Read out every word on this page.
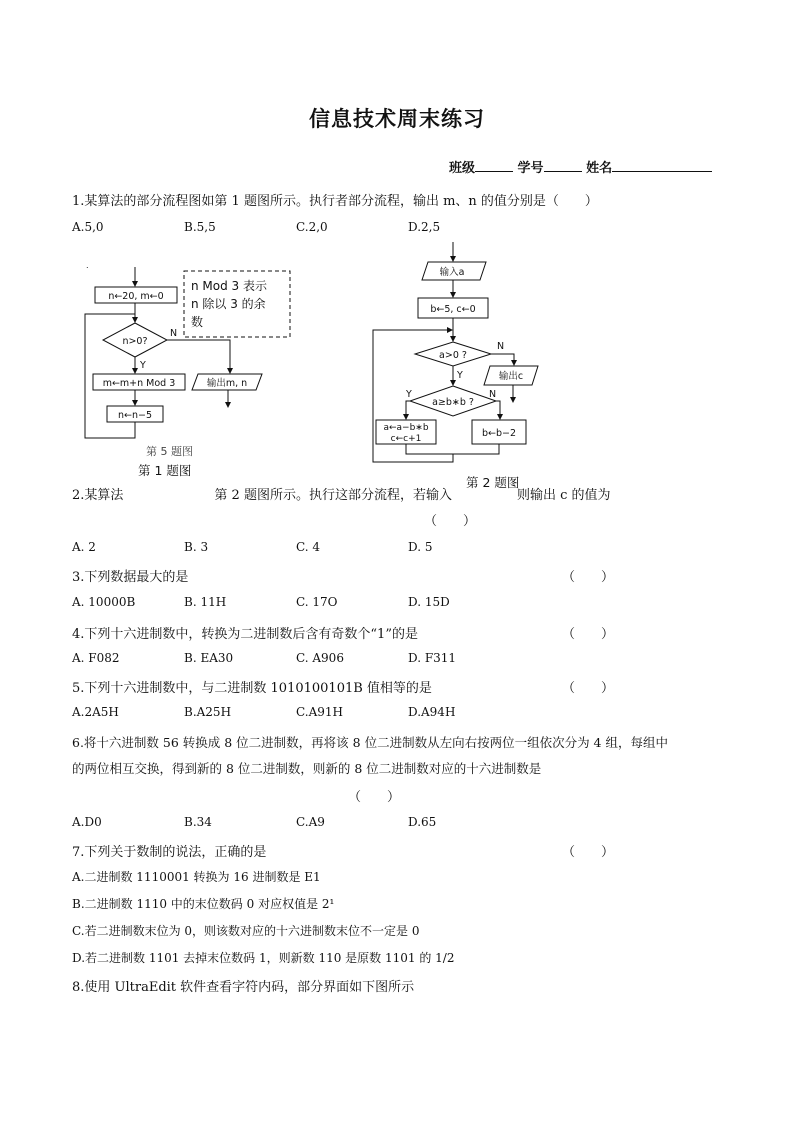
信息技术周末练习
班级	学号	姓名
1.某算法的部分流程图如第 1 题图所示。执行者部分流程，输出 m、n 的值分别是（　　）
A.5,0	B.5,5	C.2,0	D.2,5
.
n←20, m←0
n>0?
N
Y
m←m+n Mod 3
n←n−5
输出m, n
n Mod 3 表示
n 除以 3 的余
数
第 5 题图
第 1 题图
输入a
b←5, c←0
a>0 ?
N
Y
a≥b∗b ?
Y	N
输出c
a←a−b∗b
c←c+1	b←b−2
第 2 题图
2.某算法　　　　　　　第 2 题图所示。执行这部分流程，若输入　　　　　则输出 c 的值为
（　　）
A. 2	B. 3	C. 4	D. 5
3.下列数据最大的是	（　　）
A. 10000B	B. 11H	C. 17O	D. 15D
4.下列十六进制数中，转换为二进制数后含有奇数个“1”的是	（　　）
A. F082	B. EA30	C. A906	D. F311
5.下列十六进制数中，与二进制数 1010100101B 值相等的是	（　　）
A.2A5H	B.A25H	C.A91H	D.A94H
6.将十六进制数 56 转换成 8 位二进制数，再将该 8 位二进制数从左向右按两位一组依次分为 4 组，每组中
的两位相互交换，得到新的 8 位二进制数，则新的 8 位二进制数对应的十六进制数是
（　　）
A.D0	B.34	C.A9	D.65
7.下列关于数制的说法，正确的是	（　　）
A.二进制数 1110001 转换为 16 进制数是 E1
B.二进制数 1110 中的末位数码 0 对应权值是 2¹
C.若二进制数末位为 0，则该数对应的十六进制数末位不一定是 0
D.若二进制数 1101 去掉末位数码 1，则新数 110 是原数 1101 的 1/2
8.使用 UltraEdit 软件查看字符内码，部分界面如下图所示
